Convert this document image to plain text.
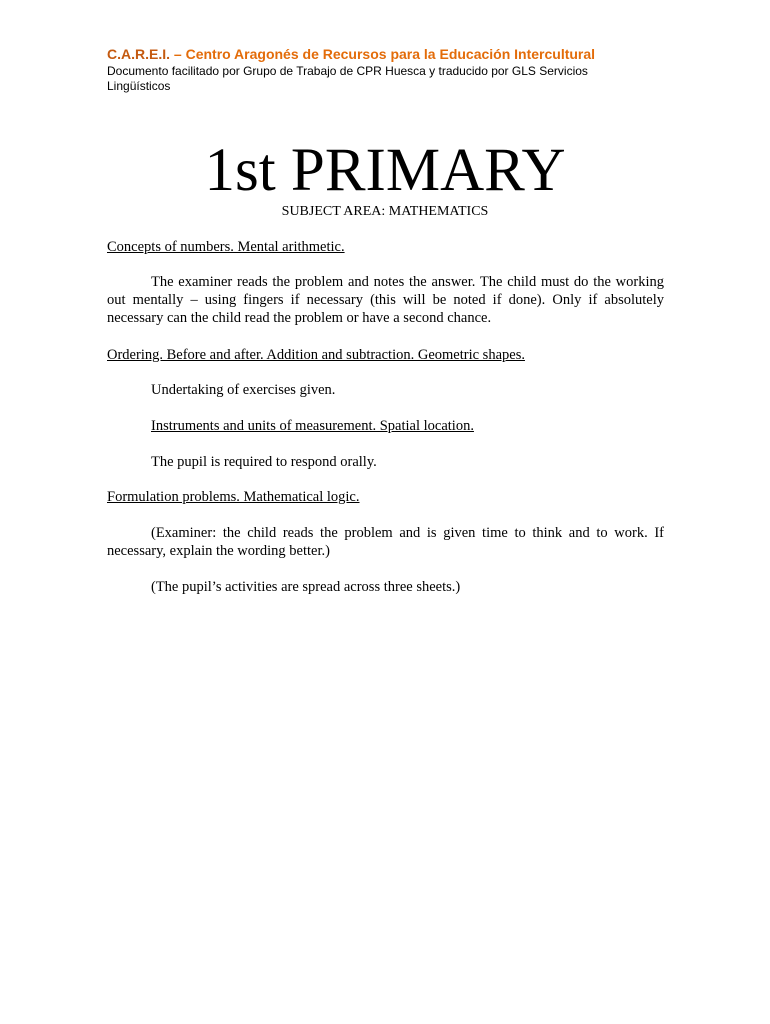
C.A.R.E.I. – Centro Aragonés de Recursos para la Educación Intercultural
Documento facilitado por Grupo de Trabajo de CPR Huesca y traducido por GLS Servicios Lingüísticos
1st PRIMARY
SUBJECT AREA: MATHEMATICS
Concepts of numbers. Mental arithmetic.
The examiner reads the problem and notes the answer. The child must do the working out mentally – using fingers if necessary (this will be noted if done). Only if absolutely necessary can the child read the problem or have a second chance.
Ordering. Before and after. Addition and subtraction. Geometric shapes.
Undertaking of exercises given.
Instruments and units of measurement. Spatial location.
The pupil is required to respond orally.
Formulation problems. Mathematical logic.
(Examiner: the child reads the problem and is given time to think and to work. If necessary, explain the wording better.)
(The pupil’s activities are spread across three sheets.)
